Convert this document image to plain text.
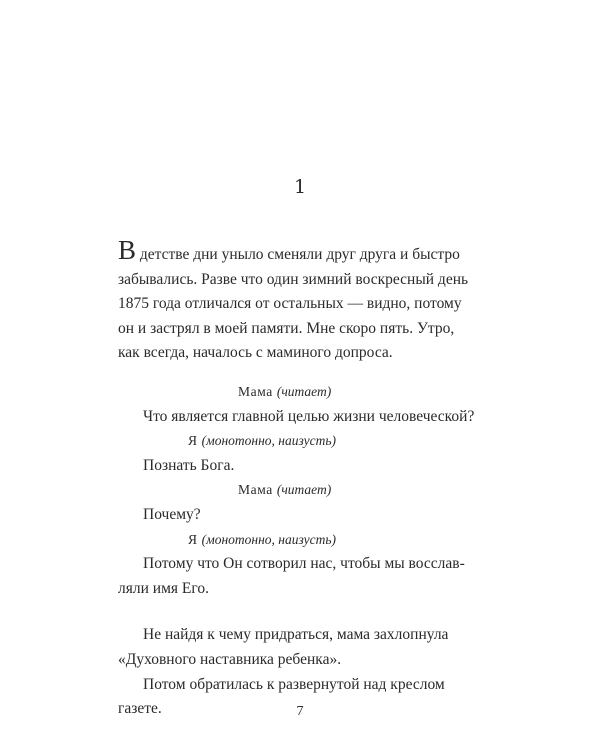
1
В детстве дни уныло сменяли друг друга и быстро
забывались. Разве что один зимний воскресный день
1875 года отличался от остальных — видно, потому
он и застрял в моей памяти. Мне скоро пять. Утро,
как всегда, началось с маминого допроса.
Мама (читает)
Что является главной целью жизни человеческой?
Я (монотонно, наизусть)
Познать Бога.
Мама (читает)
Почему?
Я (монотонно, наизусть)
Потому что Он сотворил нас, чтобы мы восслав-
ляли имя Его.
Не найдя к чему придраться, мама захлопнула
«Духовного наставника ребенка».
Потом обратилась к развернутой над креслом
газете.	7
